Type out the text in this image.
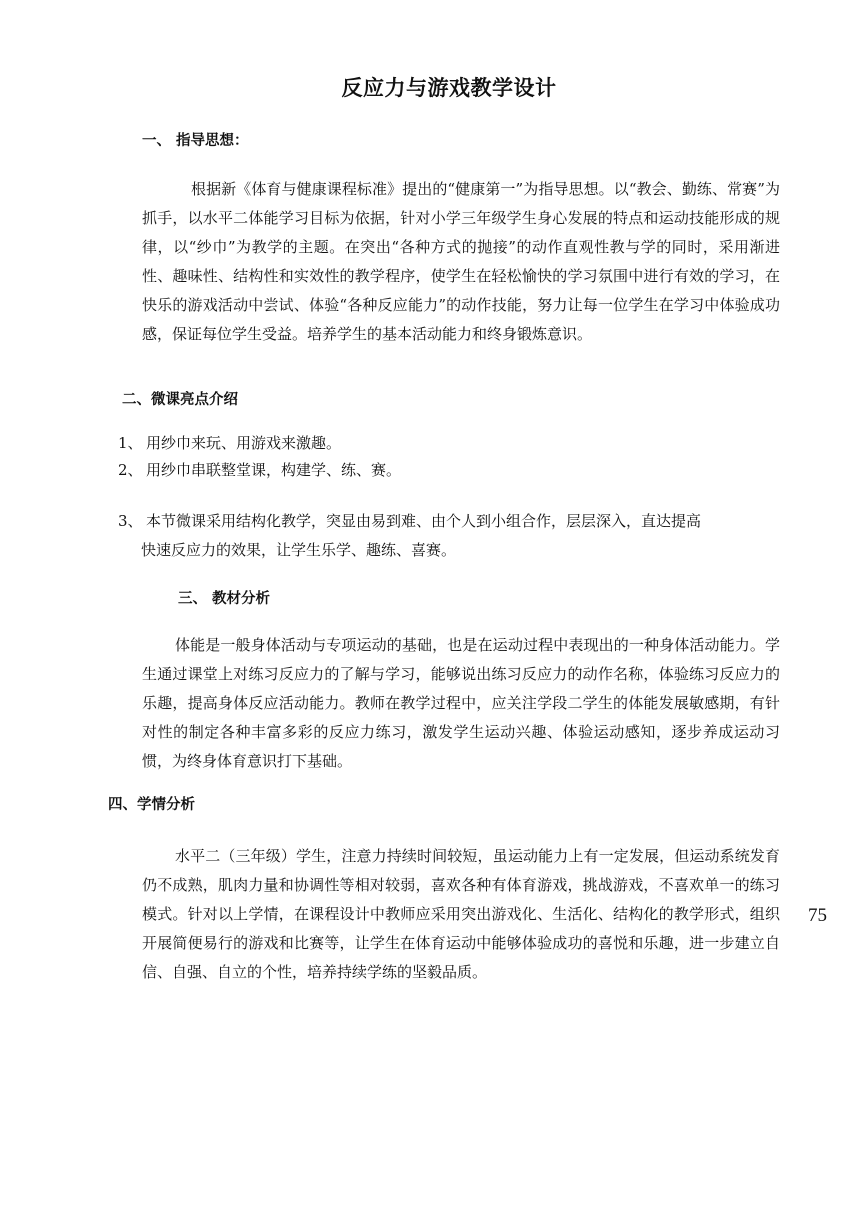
反应力与游戏教学设计
一、 指导思想：

根据新《体育与健康课程标准》提出的“健康第一”为指导思想。以“教会、勤练、常赛”为抓手，以水平二体能学习目标为依据，针对小学三年级学生身心发展的特点和运动技能形成的规律，以“纱巾”为教学的主题。在突出“各种方式的抛接”的动作直观性教与学的同时，采用渐进性、趣味性、结构性和实效性的教学程序，使学生在轻松愉快的学习氛围中进行有效的学习，在快乐的游戏活动中尝试、体验“各种反应能力”的动作技能，努力让每一位学生在学习中体验成功感，保证每位学生受益。培养学生的基本活动能力和终身锻炼意识。

二、微课亮点介绍
1、 用纱巾来玩、用游戏来激趣。
2、 用纱巾串联整堂课，构建学、练、赛。
3、 本节微课采用结构化教学，突显由易到难、由个人到小组合作，层层深入，直达提高
快速反应力的效果，让学生乐学、趣练、喜赛。
三、 教材分析

体能是一般身体活动与专项运动的基础，也是在运动过程中表现出的一种身体活动能力。学生通过课堂上对练习反应力的了解与学习，能够说出练习反应力的动作名称，体验练习反应力的乐趣，提高身体反应活动能力。教师在教学过程中，应关注学段二学生的体能发展敏感期，有针对性的制定各种丰富多彩的反应力练习，激发学生运动兴趣、体验运动感知，逐步养成运动习惯，为终身体育意识打下基础。

四、学情分析

水平二（三年级）学生，注意力持续时间较短，虽运动能力上有一定发展，但运动系统发育仍不成熟，肌肉力量和协调性等相对较弱，喜欢各种有体育游戏，挑战游戏，不喜欢单一的练习模式。针对以上学情，在课程设计中教师应采用突出游戏化、生活化、结构化的教学形式，组织开展简便易行的游戏和比赛等，让学生在体育运动中能够体验成功的喜悦和乐趣，进一步建立自信、自强、自立的个性，培养持续学练的坚毅品质。

75
